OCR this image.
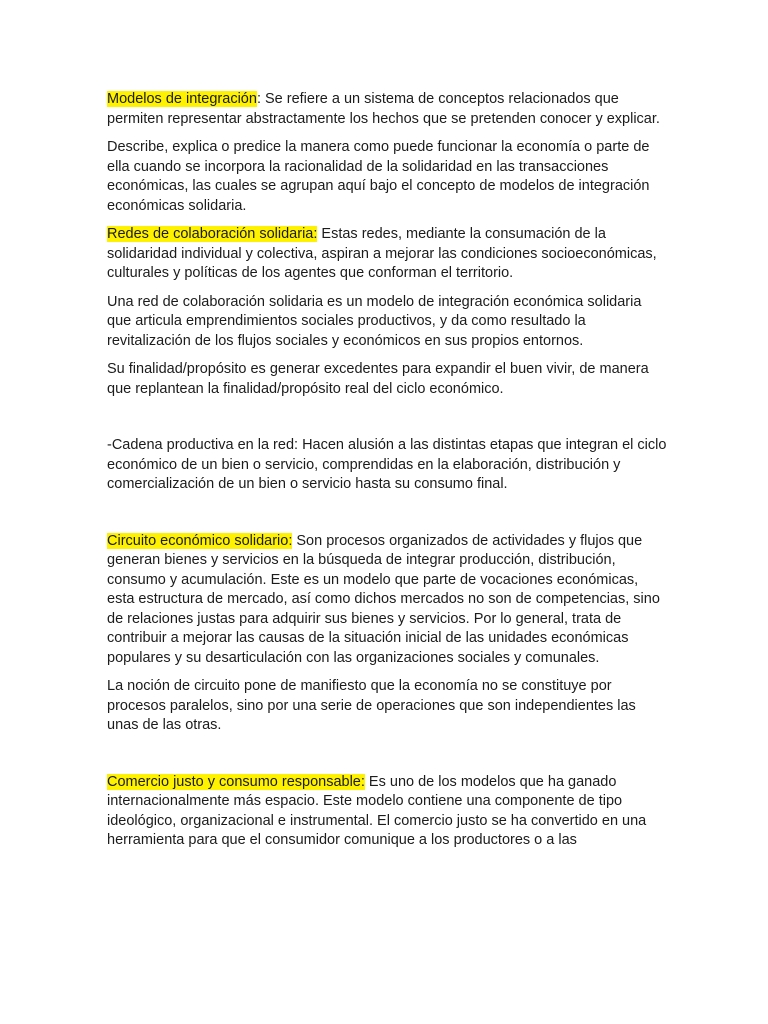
Modelos de integración: Se refiere a un sistema de conceptos relacionados que permiten representar abstractamente los hechos que se pretenden conocer y explicar.

Describe, explica o predice la manera como puede funcionar la economía o parte de ella cuando se incorpora la racionalidad de la solidaridad en las transacciones económicas, las cuales se agrupan aquí bajo el concepto de modelos de integración económicas solidaria.

Redes de colaboración solidaria: Estas redes, mediante la consumación de la solidaridad individual y colectiva, aspiran a mejorar las condiciones socioeconómicas, culturales y políticas de los agentes que conforman el territorio.

Una red de colaboración solidaria es un modelo de integración económica solidaria que articula emprendimientos sociales productivos, y da como resultado la revitalización de los flujos sociales y económicos en sus propios entornos.

Su finalidad/propósito es generar excedentes para expandir el buen vivir, de manera que replantean la finalidad/propósito real del ciclo económico.

-Cadena productiva en la red: Hacen alusión a las distintas etapas que integran el ciclo económico de un bien o servicio, comprendidas en la elaboración, distribución y comercialización de un bien o servicio hasta su consumo final.

Circuito económico solidario: Son procesos organizados de actividades y flujos que generan bienes y servicios en la búsqueda de integrar producción, distribución, consumo y acumulación. Este es un modelo que parte de vocaciones económicas, esta estructura de mercado, así como dichos mercados no son de competencias, sino de relaciones justas para adquirir sus bienes y servicios. Por lo general, trata de contribuir a mejorar las causas de la situación inicial de las unidades económicas populares y su desarticulación con las organizaciones sociales y comunales.

La noción de circuito pone de manifiesto que la economía no se constituye por procesos paralelos, sino por una serie de operaciones que son independientes las unas de las otras.

Comercio justo y consumo responsable: Es uno de los modelos que ha ganado internacionalmente más espacio. Este modelo contiene una componente de tipo ideológico, organizacional e instrumental. El comercio justo se ha convertido en una herramienta para que el consumidor comunique a los productores o a las
